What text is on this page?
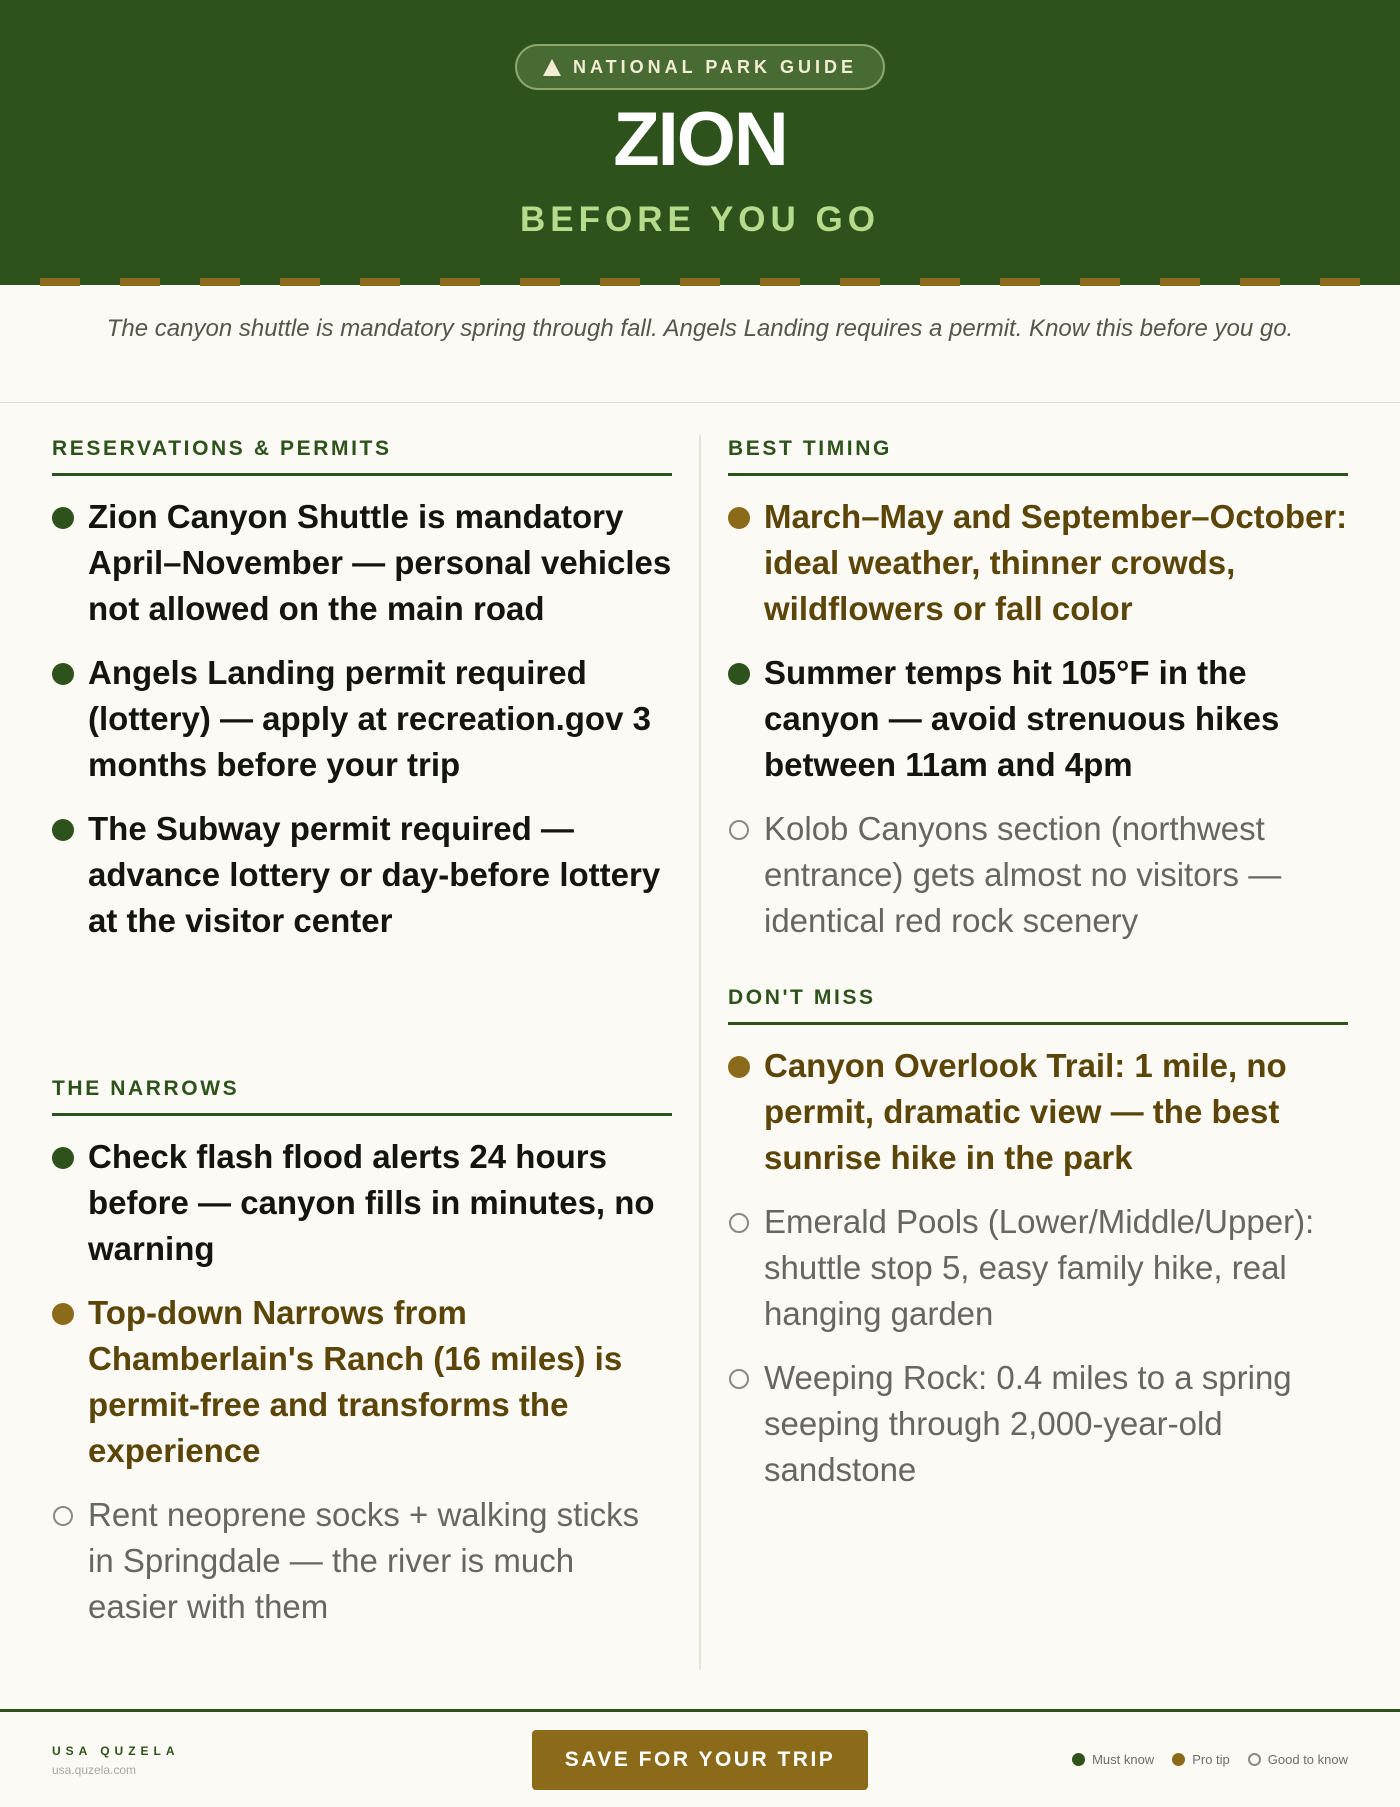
NATIONAL PARK GUIDE
ZION
BEFORE YOU GO

The canyon shuttle is mandatory spring through fall. Angels Landing requires a permit. Know this before you go.

RESERVATIONS & PERMITS
Zion Canyon Shuttle is mandatory April–November — personal vehicles not allowed on the main road
Angels Landing permit required (lottery) — apply at recreation.gov 3 months before your trip
The Subway permit required — advance lottery or day-before lottery at the visitor center
THE NARROWS
Check flash flood alerts 24 hours before — canyon fills in minutes, no warning
Top-down Narrows from Chamberlain's Ranch (16 miles) is permit-free and transforms the experience
Rent neoprene socks + walking sticks in Springdale — the river is much easier with them
BEST TIMING
March–May and September–October: ideal weather, thinner crowds, wildflowers or fall color
Summer temps hit 105°F in the canyon — avoid strenuous hikes between 11am and 4pm
Kolob Canyons section (northwest entrance) gets almost no visitors — identical red rock scenery
DON'T MISS
Canyon Overlook Trail: 1 mile, no permit, dramatic view — the best sunrise hike in the park
Emerald Pools (Lower/Middle/Upper): shuttle stop 5, easy family hike, real hanging garden
Weeping Rock: 0.4 miles to a spring seeping through 2,000-year-old sandstone
USA QUZELA
usa.quzela.com	SAVE FOR YOUR TRIP	Must know	Pro tip	Good to know
